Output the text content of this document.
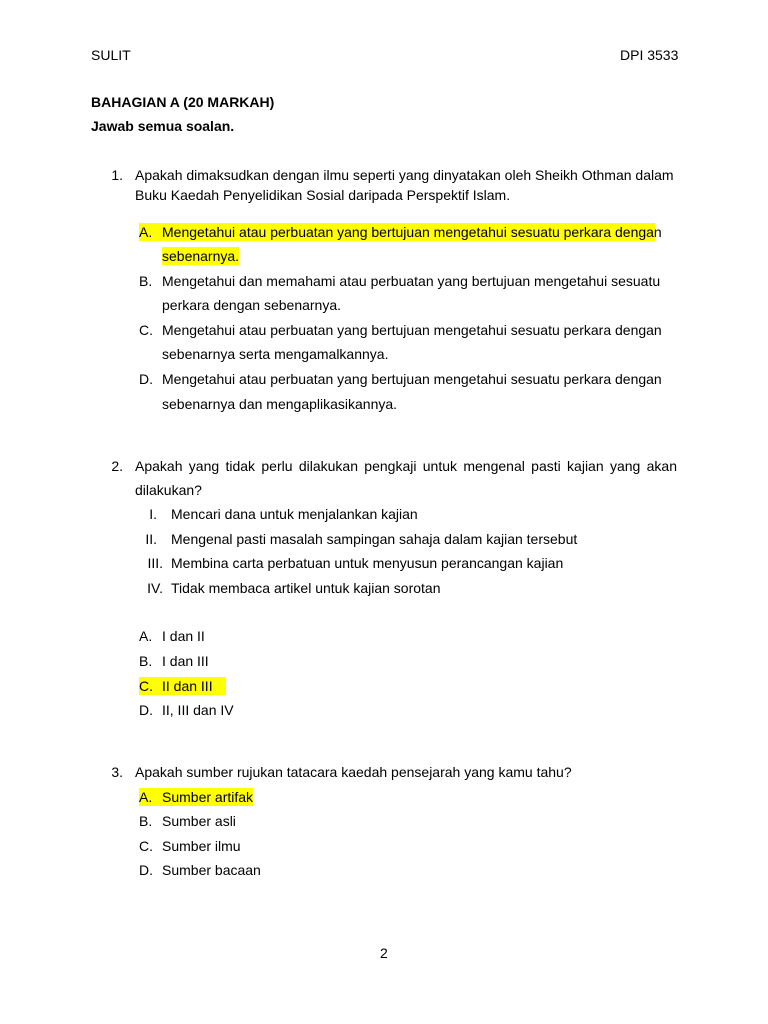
SULIT	DPI 3533
BAHAGIAN A (20 MARKAH)
Jawab semua soalan.
1. Apakah dimaksudkan dengan ilmu seperti yang dinyatakan oleh Sheikh Othman dalam
Buku Kaedah Penyelidikan Sosial daripada Perspektif Islam.
A. Mengetahui atau perbuatan yang bertujuan mengetahui sesuatu perkara dengan
sebenarnya.
B. Mengetahui dan memahami atau perbuatan yang bertujuan mengetahui sesuatu
perkara dengan sebenarnya.
C. Mengetahui atau perbuatan yang bertujuan mengetahui sesuatu perkara dengan
sebenarnya serta mengamalkannya.
D. Mengetahui atau perbuatan yang bertujuan mengetahui sesuatu perkara dengan
sebenarnya dan mengaplikasikannya.
2. Apakah yang tidak perlu dilakukan pengkaji untuk mengenal pasti kajian yang akan
dilakukan?
I. Mencari dana untuk menjalankan kajian
II. Mengenal pasti masalah sampingan sahaja dalam kajian tersebut
III. Membina carta perbatuan untuk menyusun perancangan kajian
IV. Tidak membaca artikel untuk kajian sorotan
A. I dan II
B. I dan III
C. II dan III
D. II, III dan IV
3. Apakah sumber rujukan tatacara kaedah pensejarah yang kamu tahu?
A. Sumber artifak
B. Sumber asli
C. Sumber ilmu
D. Sumber bacaan
2
